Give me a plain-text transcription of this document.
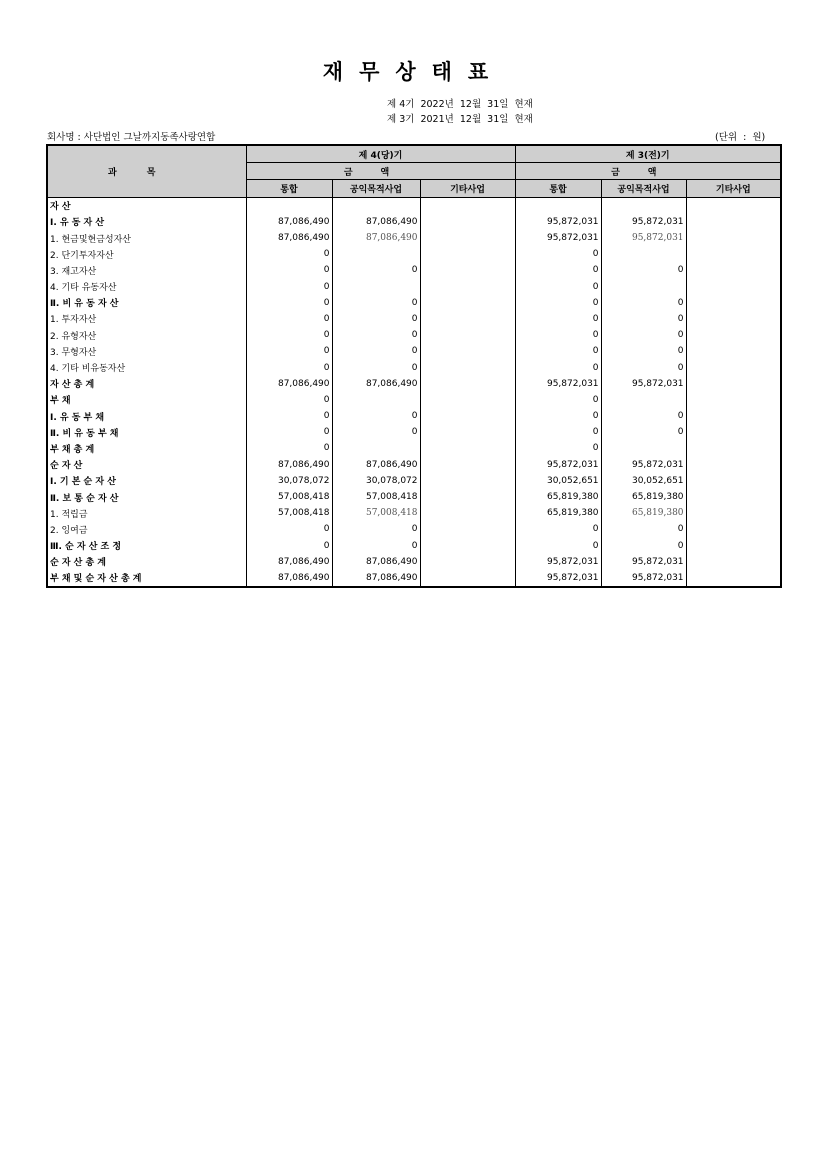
재무상태표
제 4기  2022년  12월  31일  현재
제 3기  2021년  12월  31일  현재
회사명 : 사단법인 그날까지동족사랑연합	(단위  :  원)
과목	제 4(당)기			제 3(전)기		
	금액			금액		
	통합	공익목적사업	기타사업	통합	공익목적사업	기타사업
자 산						
Ⅰ. 유 동 자 산	87,086,490	87,086,490		95,872,031	95,872,031	
1. 현금및현금성자산	87,086,490	87,086,490		95,872,031	95,872,031	
2. 단기투자자산	0			0		
3. 재고자산	0	0		0	0	
4. 기타 유동자산	0			0		
Ⅱ. 비 유 동 자 산	0	0		0	0	
1. 투자자산	0	0		0	0	
2. 유형자산	0	0		0	0	
3. 무형자산	0	0		0	0	
4. 기타 비유동자산	0	0		0	0	
자 산 총 계	87,086,490	87,086,490		95,872,031	95,872,031	
부 채	0			0		
Ⅰ. 유 동 부 채	0	0		0	0	
Ⅱ. 비 유 동 부 채	0	0		0	0	
부 채 총 계	0			0		
순 자 산	87,086,490	87,086,490		95,872,031	95,872,031	
Ⅰ. 기 본 순 자 산	30,078,072	30,078,072		30,052,651	30,052,651	
Ⅱ. 보 통 순 자 산	57,008,418	57,008,418		65,819,380	65,819,380	
1. 적립금	57,008,418	57,008,418		65,819,380	65,819,380	
2. 잉여금	0	0		0	0	
Ⅲ. 순 자 산 조 정	0	0		0	0	
순 자 산 총 계	87,086,490	87,086,490		95,872,031	95,872,031	
부 채 및 순 자 산 총 계	87,086,490	87,086,490		95,872,031	95,872,031	
